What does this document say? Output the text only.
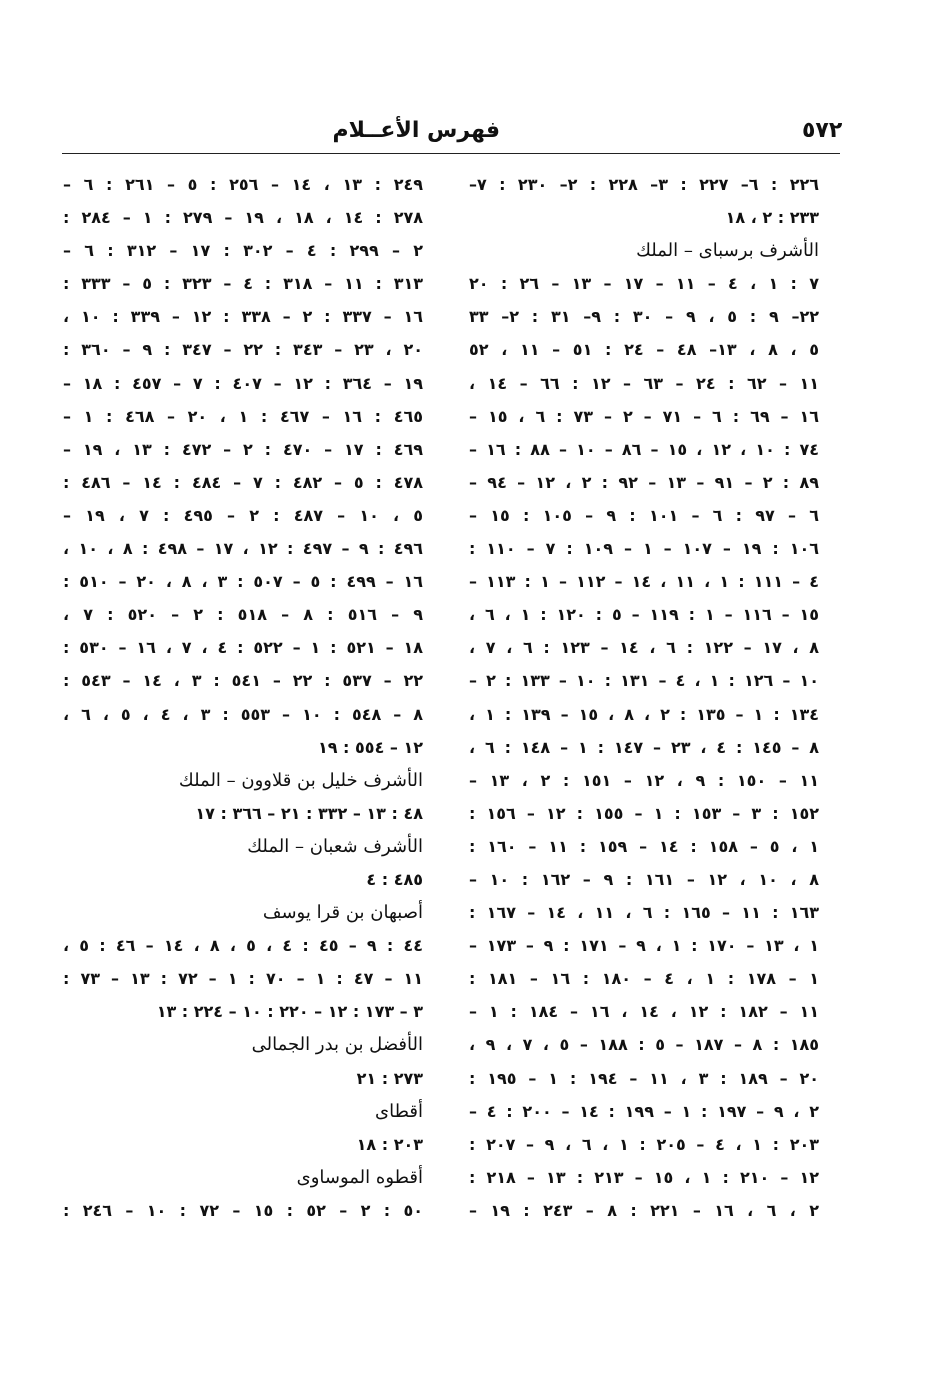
فهرس الأعــلام	٥٧٢
٢٢٦ : ٦– ٢٢٧ : ٣– ٢٢٨ : ٢– ٢٣٠ : ٧–
٢٣٣ : ٢ ، ١٨
الأشرف برسباى – الملك
٧ : ١ ، ٤ – ١١ – ١٧ – ١٣ – ٢٦ : ٢٠
٢٢– ٩ : ٥ ، ٩ – ٣٠ : ٩– ٣١ : ٢– ٣٣
٥ ، ٨ ، ١٣– ٤٨ – ٢٤ : ٥١ – ١١ ، ٥٢
١١ – ٦٢ : ٢٤ – ٦٣ – ١٢ : ٦٦ – ١٤ ،
١٦ – ٦٩ : ٦ – ٧١ – ٢ – ٧٣ : ٦ ، ١٥ –
٧٤ : ١٠ ، ١٢ ، ١٥ – ٨٦ – ١٠ – ٨٨ : ١٦ –
٨٩ : ٢ – ٩١ – ١٣ – ٩٢ : ٢ ، ١٢ – ٩٤ –
٦ – ٩٧ : ٦ – ١٠١ : ٩ – ١٠٥ : ١٥ –
١٠٦ : ١٩ – ١٠٧ – ١ – ١٠٩ : ٧ – ١١٠ :
٤ – ١١١ : ١ ، ١١ ، ١٤ – ١١٢ – ١ : ١١٣ –
١٥ – ١١٦ – ١ : ١١٩ – ٥ : ١٢٠ : ١ ، ٦ ،
٨ ، ١٧ – ١٢٢ : ٦ ، ١٤ – ١٢٣ : ٦ ، ٧ ،
١٠ – ١٢٦ : ١ ، ٤ – ١٣١ : ١٠ – ١٣٣ : ٢ –
١٣٤ : ١ – ١٣٥ : ٢ ، ٨ ، ١٥ – ١٣٩ : ١ ،
٨ – ١٤٥ : ٤ ، ٢٣ – ١٤٧ : ١ – ١٤٨ : ٦ ،
١١ – ١٥٠ : ٩ ، ١٢ – ١٥١ : ٢ ، ١٣ –
١٥٢ : ٣ – ١٥٣ : ١ – ١٥٥ : ١٢ – ١٥٦ :
١ ، ٥ – ١٥٨ : ١٤ – ١٥٩ : ١١ – ١٦٠ :
٨ ، ١٠ ، ١٢ – ١٦١ : ٩ – ١٦٢ : ١٠ –
١٦٣ : ١١ – ١٦٥ : ٦ ، ١١ ، ١٤ – ١٦٧ :
١ ، ١٣ – ١٧٠ : ١ ، ٩ – ١٧١ : ٩ – ١٧٣ –
١ – ١٧٨ : ١ ، ٤ – ١٨٠ : ١٦ – ١٨١ :
١١ – ١٨٢ : ١٢ ، ١٤ ، ١٦ – ١٨٤ : ١ –
١٨٥ : ٨ – ١٨٧ – ٥ : ١٨٨ – ٥ ، ٧ ، ٩ ،
٢٠ – ١٨٩ : ٣ ، ١١ – ١٩٤ : ١ – ١٩٥ :
٢ ، ٩ – ١٩٧ : ١ – ١٩٩ : ١٤ – ٢٠٠ : ٤ –
٢٠٣ : ١ ، ٤ – ٢٠٥ : ١ ، ٦ ، ٩ – ٢٠٧ :
١٢ – ٢١٠ : ١ ، ١٥ – ٢١٣ : ١٣ – ٢١٨ :
٢ ، ٦ ، ١٦ – ٢٢١ : ٨ – ٢٤٣ : ١٩ –
٢٤٩ : ١٣ ، ١٤ – ٢٥٦ : ٥ – ٢٦١ : ٦ –
٢٧٨ : ١٤ ، ١٨ ، ١٩ – ٢٧٩ : ١ – ٢٨٤ :
٢ – ٢٩٩ : ٤ – ٣٠٢ : ١٧ – ٣١٢ : ٦ –
٣١٣ : ١١ – ٣١٨ : ٤ – ٣٢٣ : ٥ – ٣٣٣ :
١٦ – ٣٣٧ : ٢ – ٣٣٨ : ١٢ – ٣٣٩ : ١٠ ،
٢٠ ، ٢٣ – ٣٤٣ : ٢٢ – ٣٤٧ : ٩ – ٣٦٠ :
١٩ – ٣٦٤ : ١٢ – ٤٠٧ : ٧ – ٤٥٧ : ١٨ –
٤٦٥ : ١٦ – ٤٦٧ : ١ ، ٢٠ – ٤٦٨ : ١ –
٤٦٩ : ١٧ – ٤٧٠ : ٢ – ٤٧٢ : ١٣ ، ١٩ –
٤٧٨ : ٥ – ٤٨٢ : ٧ – ٤٨٤ : ١٤ – ٤٨٦ :
٥ ، ١٠ – ٤٨٧ : ٢ – ٤٩٥ : ٧ ، ١٩ –
٤٩٦ : ٩ – ٤٩٧ : ١٢ ، ١٧ – ٤٩٨ : ٨ ، ١٠ ،
١٦ – ٤٩٩ : ٥ – ٥٠٧ : ٣ ، ٨ ، ٢٠ – ٥١٠ :
٩ – ٥١٦ : ٨ – ٥١٨ : ٢ – ٥٢٠ : ٧ ،
١٨ – ٥٢١ : ١ – ٥٢٢ : ٤ ، ٧ ، ١٦ – ٥٣٠ :
٢٢ – ٥٣٧ : ٢٢ – ٥٤١ : ٣ ، ١٤ – ٥٤٣ :
٨ – ٥٤٨ : ١٠ – ٥٥٣ : ٣ ، ٤ ، ٥ ، ٦ ،
١٢ – ٥٥٤ : ١٩
الأشرف خليل بن قلاوون – الملك
٤٨ : ١٣ – ٣٣٢ : ٢١ – ٣٦٦ : ١٧
الأشرف شعبان – الملك
٤٨٥ : ٤
أصبهان بن قرا يوسف
٤٤ : ٩ – ٤٥ : ٤ ، ٥ ، ٨ ، ١٤ – ٤٦ : ٥ ،
١١ – ٤٧ : ١ – ٧٠ : ١ – ٧٢ : ١٣ – ٧٣ :
٣ – ١٧٣ : ١٢ – ٢٢٠ : ١٠ – ٢٢٤ : ١٣
الأفضل بن بدر الجمالى
٢٧٣ : ٢١
أقطاى
٢٠٣ : ١٨
أقطوه الموساوى
٥٠ : ٢ – ٥٢ : ١٥ – ٧٢ : ١٠ – ٢٤٦ :
